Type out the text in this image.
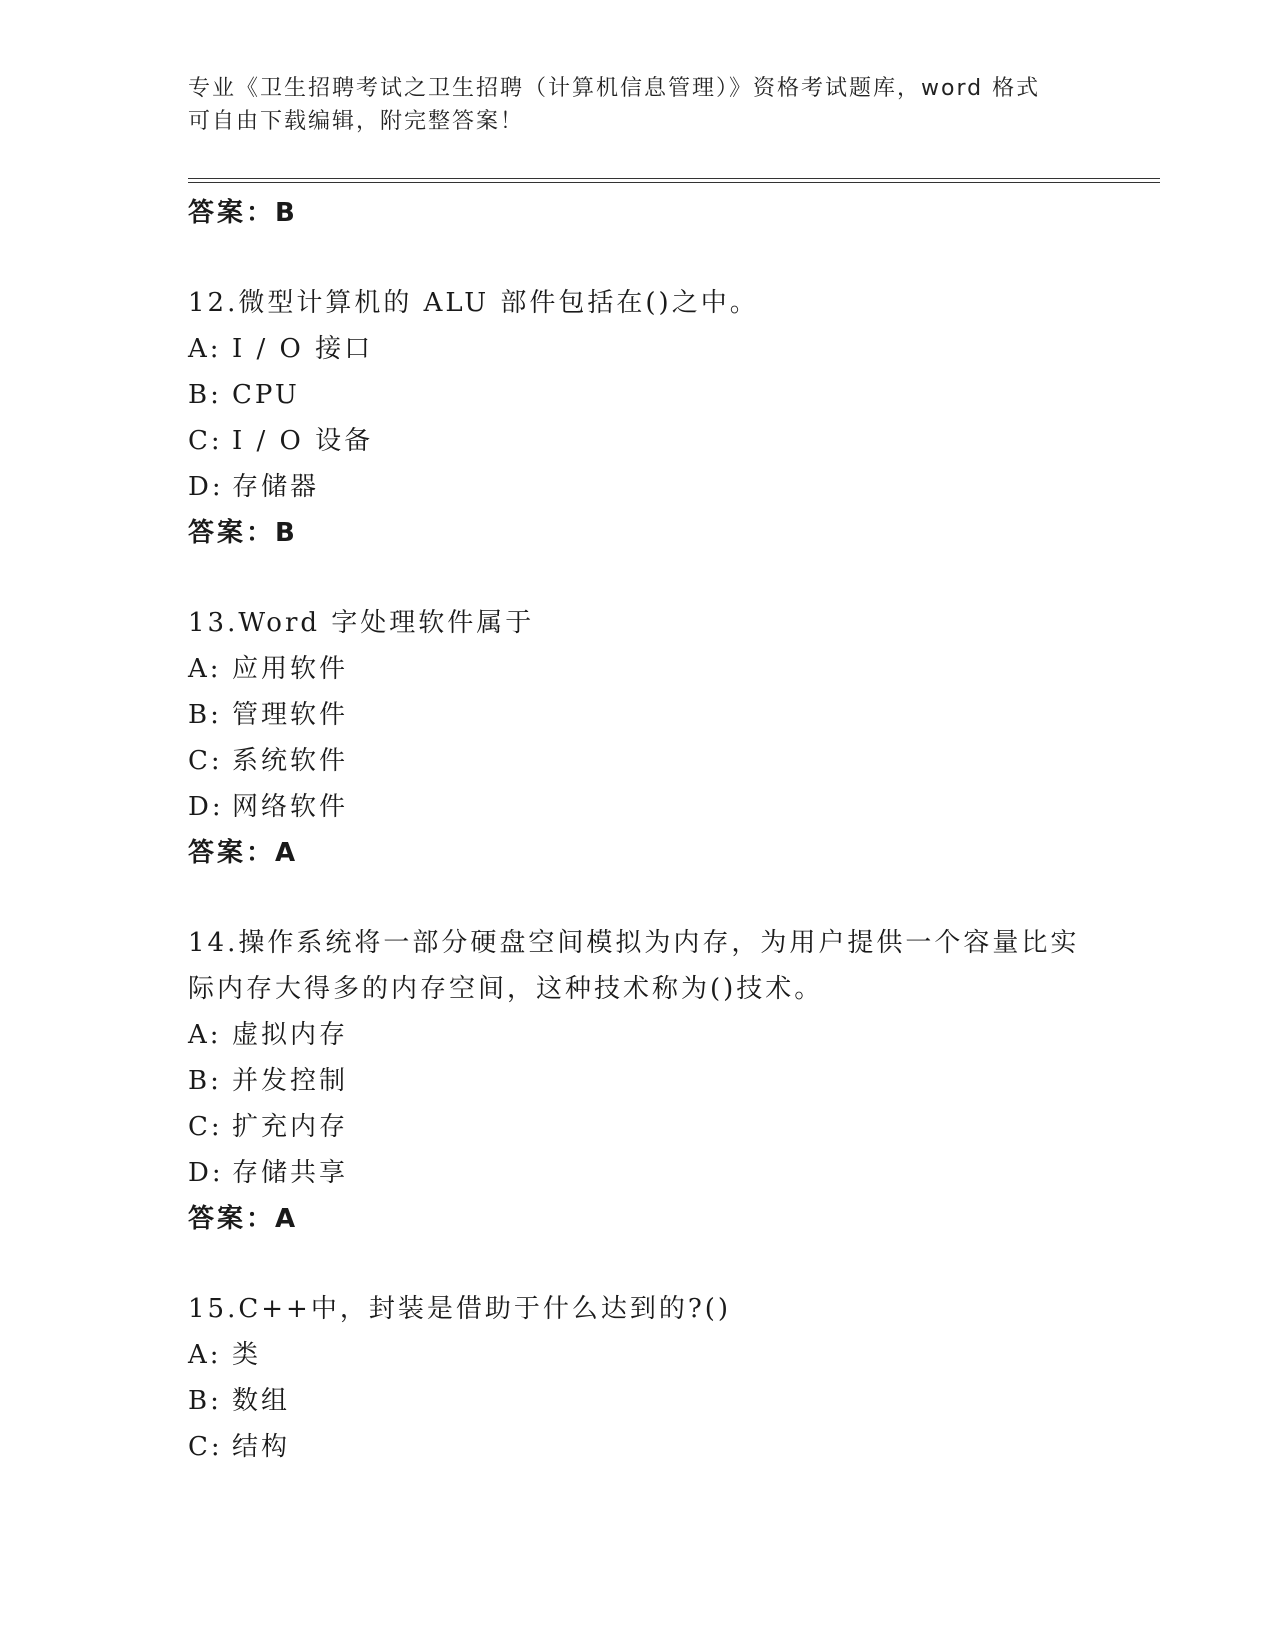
专业《卫生招聘考试之卫生招聘（计算机信息管理）》资格考试题库，word 格式
可自由下载编辑，附完整答案！
答案：B
12.微型计算机的 ALU 部件包括在()之中。
A: I / O 接口
B: CPU
C: I / O 设备
D: 存储器
答案：B
13.Word 字处理软件属于
A: 应用软件
B: 管理软件
C: 系统软件
D: 网络软件
答案：A
14.操作系统将一部分硬盘空间模拟为内存，为用户提供一个容量比实
际内存大得多的内存空间，这种技术称为()技术。
A: 虚拟内存
B: 并发控制
C: 扩充内存
D: 存储共享
答案：A
15.C++中，封装是借助于什么达到的?()
A: 类
B: 数组
C: 结构
